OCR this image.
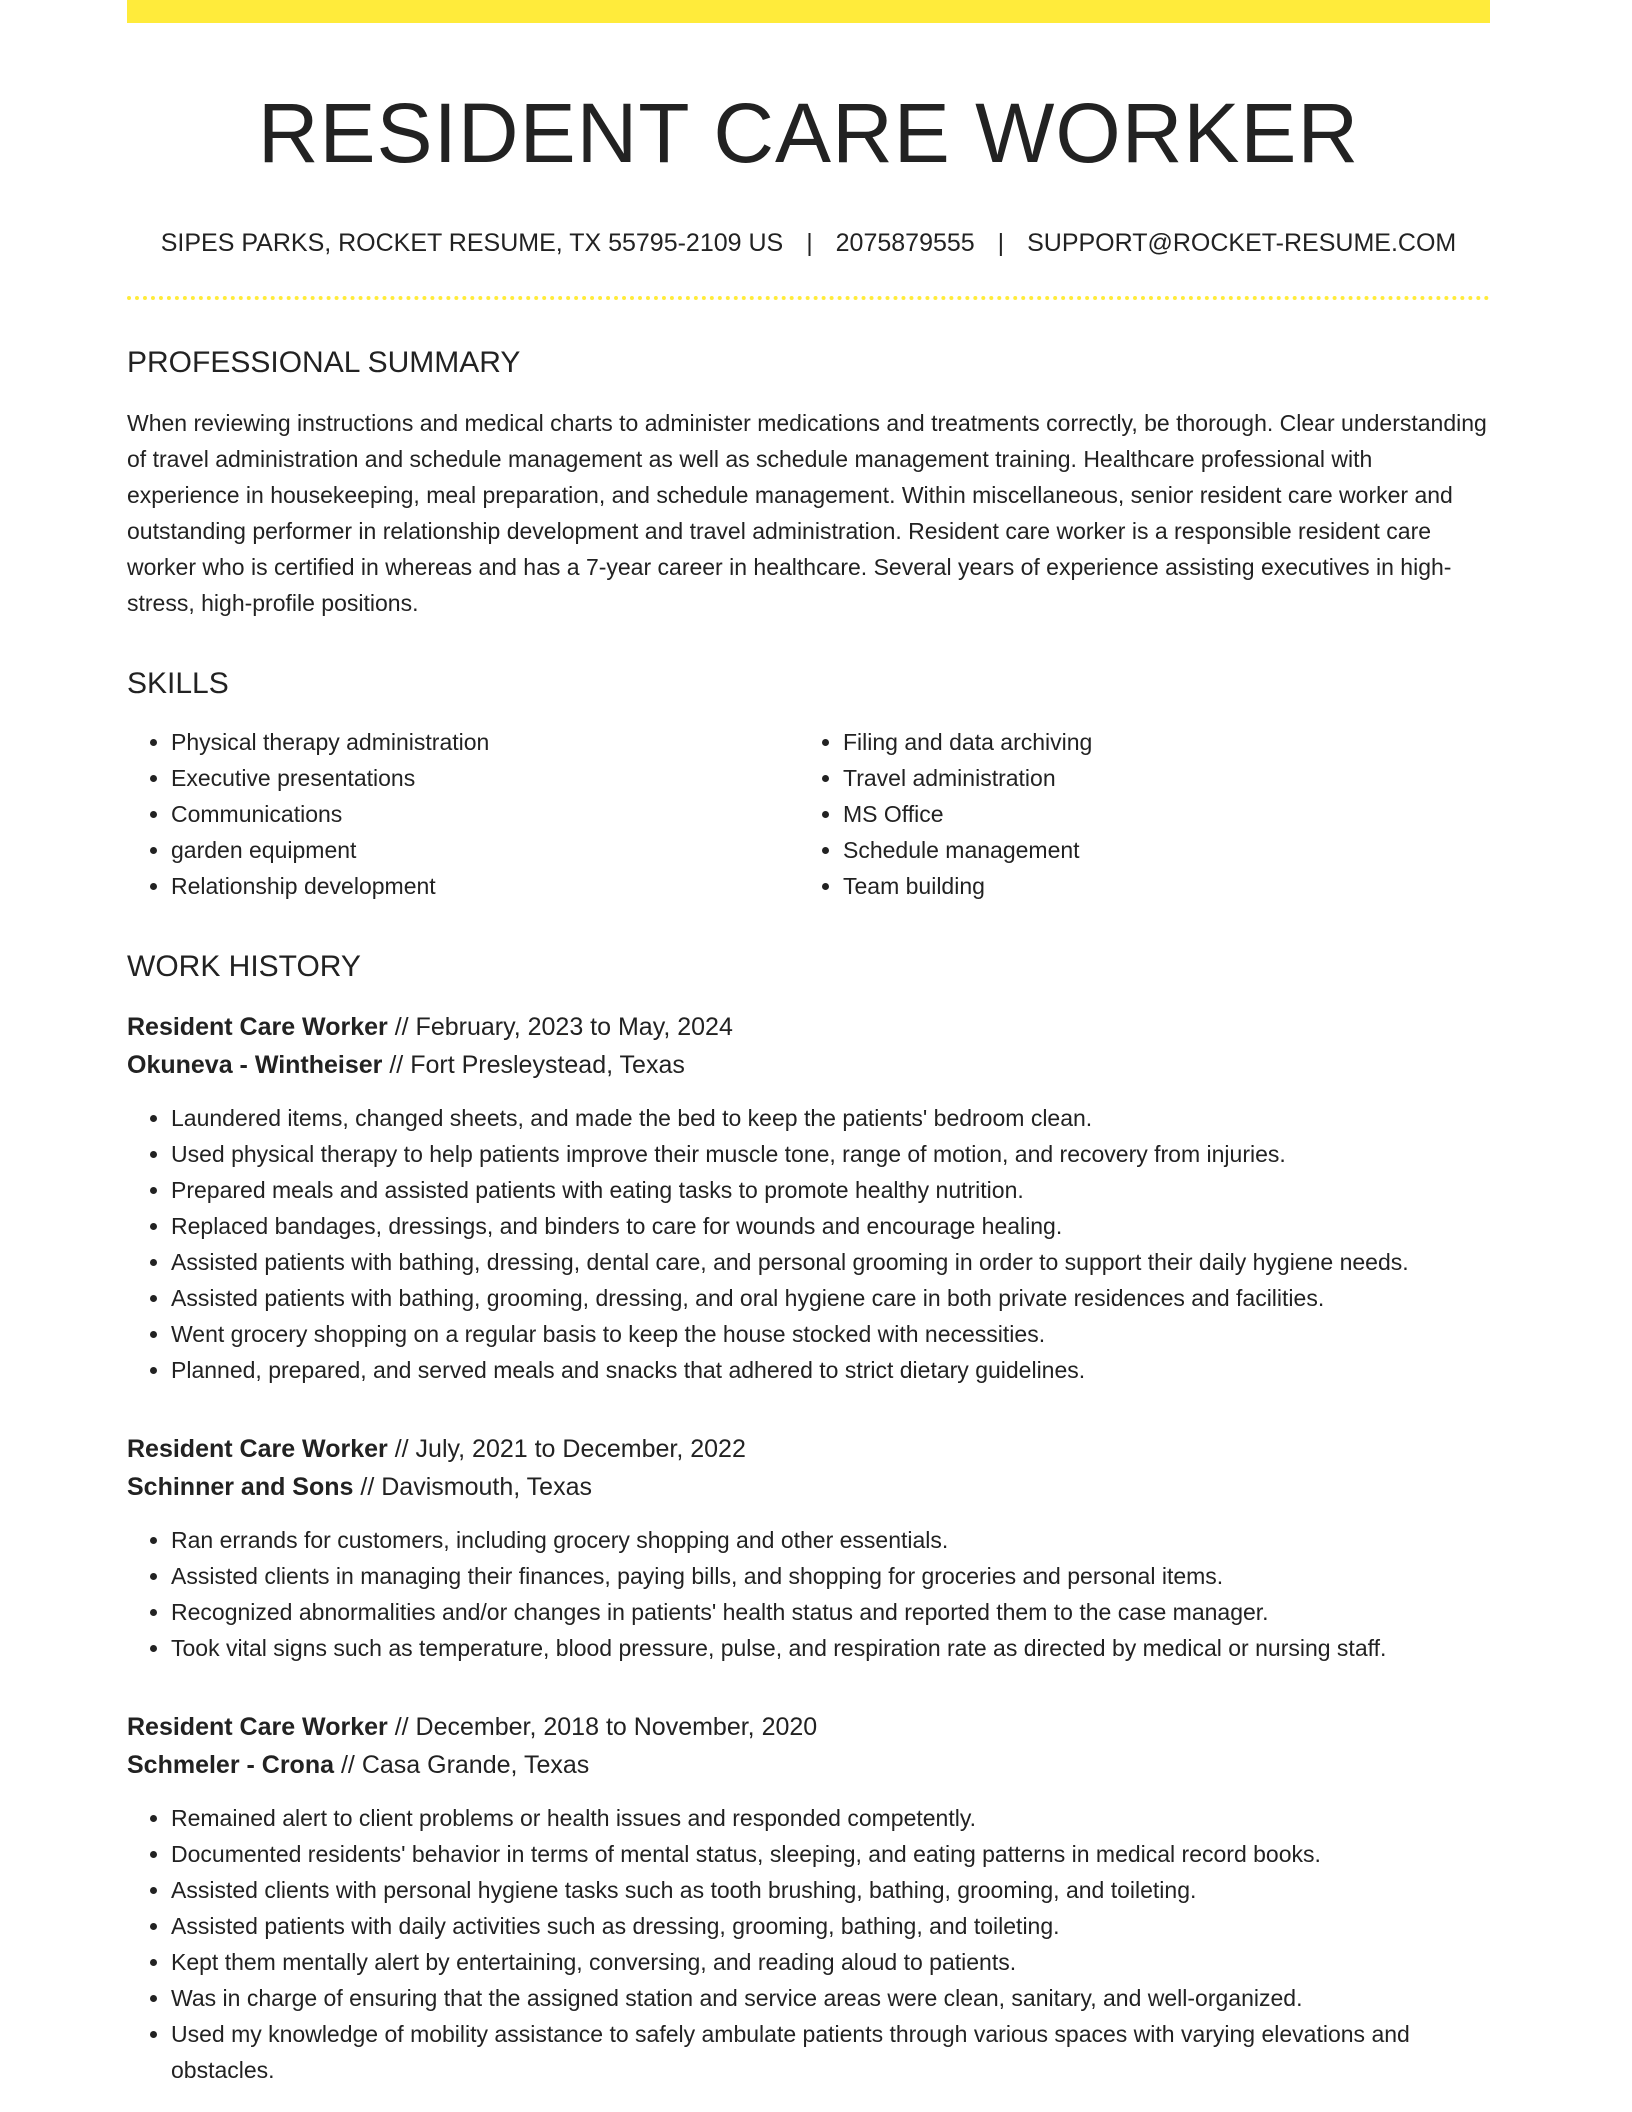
RESIDENT CARE WORKER
SIPES PARKS, ROCKET RESUME, TX 55795-2109 US | 2075879555 | SUPPORT@ROCKET-RESUME.COM
PROFESSIONAL SUMMARY
When reviewing instructions and medical charts to administer medications and treatments correctly, be thorough. Clear understanding of travel administration and schedule management as well as schedule management training. Healthcare professional with experience in housekeeping, meal preparation, and schedule management. Within miscellaneous, senior resident care worker and outstanding performer in relationship development and travel administration. Resident care worker is a responsible resident care worker who is certified in whereas and has a 7-year career in healthcare. Several years of experience assisting executives in high-stress, high-profile positions.
SKILLS
• Physical therapy administration
• Executive presentations
• Communications
• garden equipment
• Relationship development
• Filing and data archiving
• Travel administration
• MS Office
• Schedule management
• Team building
WORK HISTORY
Resident Care Worker // February, 2023 to May, 2024
Okuneva - Wintheiser // Fort Presleystead, Texas
• Laundered items, changed sheets, and made the bed to keep the patients' bedroom clean.
• Used physical therapy to help patients improve their muscle tone, range of motion, and recovery from injuries.
• Prepared meals and assisted patients with eating tasks to promote healthy nutrition.
• Replaced bandages, dressings, and binders to care for wounds and encourage healing.
• Assisted patients with bathing, dressing, dental care, and personal grooming in order to support their daily hygiene needs.
• Assisted patients with bathing, grooming, dressing, and oral hygiene care in both private residences and facilities.
• Went grocery shopping on a regular basis to keep the house stocked with necessities.
• Planned, prepared, and served meals and snacks that adhered to strict dietary guidelines.
Resident Care Worker // July, 2021 to December, 2022
Schinner and Sons // Davismouth, Texas
• Ran errands for customers, including grocery shopping and other essentials.
• Assisted clients in managing their finances, paying bills, and shopping for groceries and personal items.
• Recognized abnormalities and/or changes in patients' health status and reported them to the case manager.
• Took vital signs such as temperature, blood pressure, pulse, and respiration rate as directed by medical or nursing staff.
Resident Care Worker // December, 2018 to November, 2020
Schmeler - Crona // Casa Grande, Texas
• Remained alert to client problems or health issues and responded competently.
• Documented residents' behavior in terms of mental status, sleeping, and eating patterns in medical record books.
• Assisted clients with personal hygiene tasks such as tooth brushing, bathing, grooming, and toileting.
• Assisted patients with daily activities such as dressing, grooming, bathing, and toileting.
• Kept them mentally alert by entertaining, conversing, and reading aloud to patients.
• Was in charge of ensuring that the assigned station and service areas were clean, sanitary, and well-organized.
• Used my knowledge of mobility assistance to safely ambulate patients through various spaces with varying elevations and obstacles.
